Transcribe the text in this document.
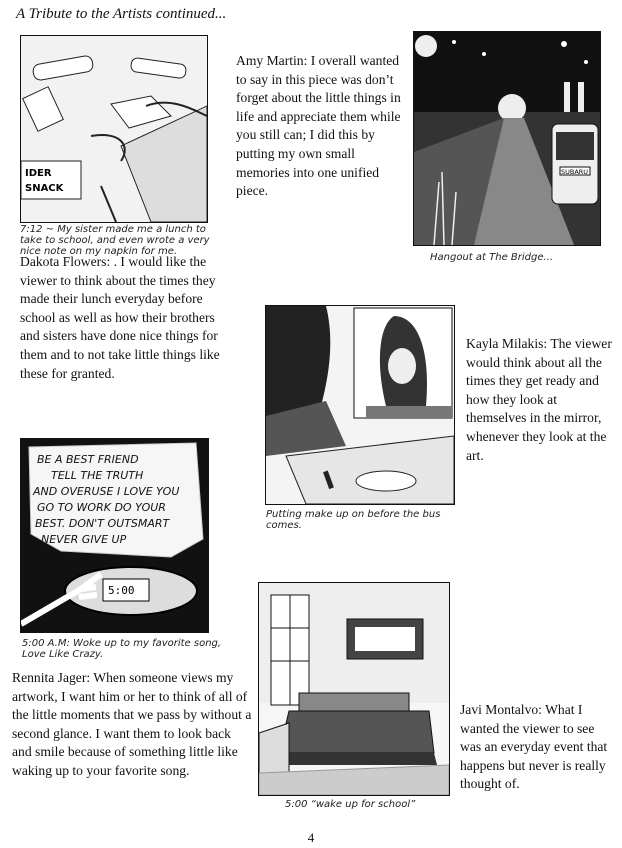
A Tribute to the Artists continued...
IDER
SNACK
7:12 ~ My sister made me a lunch to take to school, and even wrote a very nice note on my napkin for me.
Dakota Flowers: . I would like the viewer to think about the times they made their lunch everyday before school as well as how their brothers and sisters have done nice things for them and to not take little things like these for granted.
SUBARU
Hangout at The Bridge...
Amy Martin: I overall wanted to say in this piece was don’t forget about the little things in life and appreciate them while you still can; I did this by putting my own small memories into one unified piece.
Putting make up on before the bus comes.
Kayla Milakis: The viewer would think about all the times they get ready and how they look at themselves in the mirror, whenever they look at the art.
BE A BEST FRIEND
TELL THE TRUTH
AND OVERUSE I LOVE YOU
GO TO WORK DO YOUR
BEST. DON'T OUTSMART
NEVER GIVE UP
5:00
5:00 A.M: Woke up to my favorite song, Love Like Crazy.
Rennita Jager: When someone views my artwork, I want him or her to think of all of the little moments that we pass by without a second glance. I want them to look back and smile because of something little like waking up to your favorite song.
5:00 “wake up for school”
Javi Montalvo: What I wanted the viewer to see was an everyday event that happens but never is really thought of.
4
